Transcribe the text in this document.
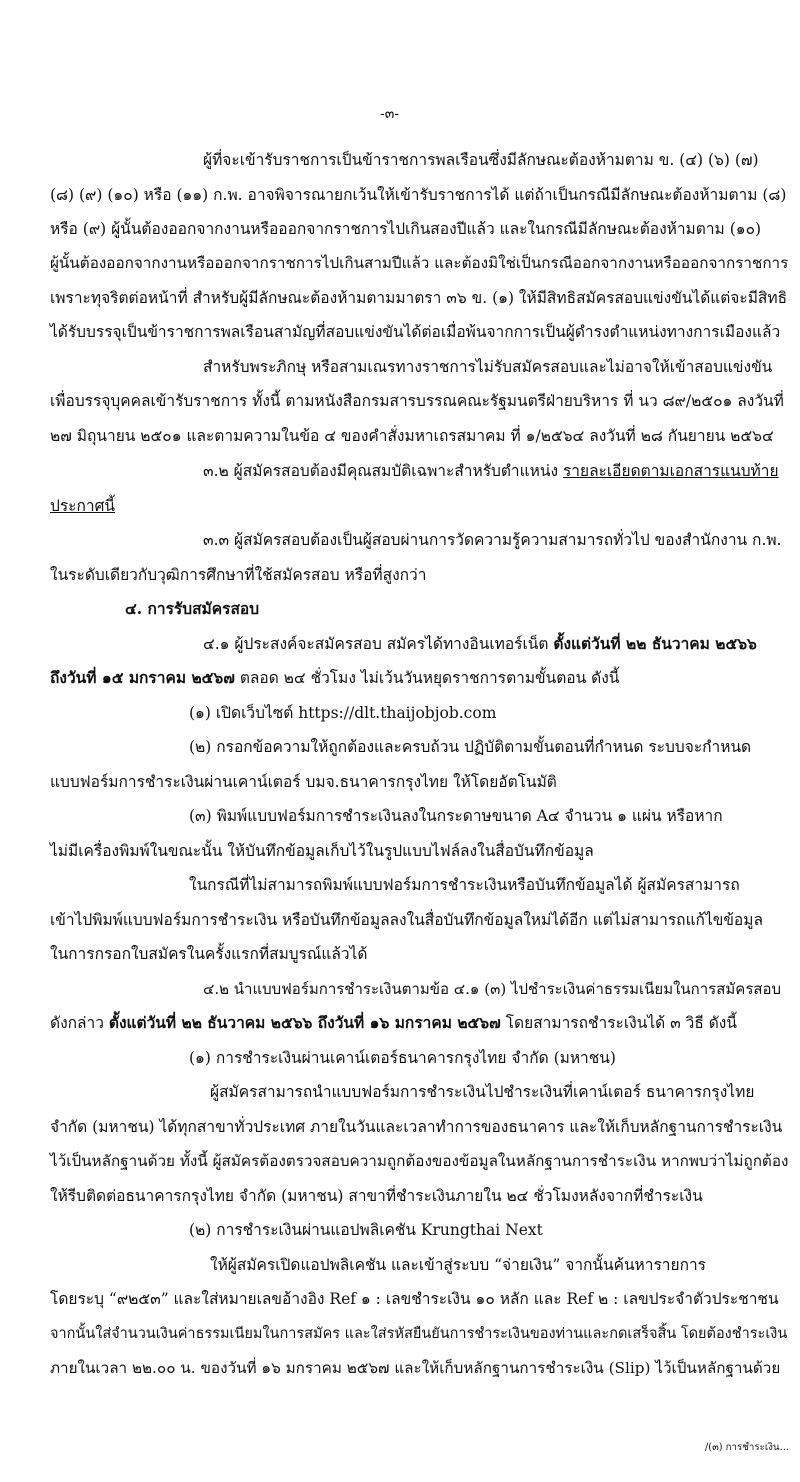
-๓-
ผู้ที่จะเข้ารับราชการเป็นข้าราชการพลเรือนซึ่งมีลักษณะต้องห้ามตาม ข. (๔) (๖) (๗)
(๘) (๙) (๑๐) หรือ (๑๑) ก.พ. อาจพิจารณายกเว้นให้เข้ารับราชการได้ แต่ถ้าเป็นกรณีมีลักษณะต้องห้ามตาม (๘)
หรือ (๙) ผู้นั้นต้องออกจากงานหรือออกจากราชการไปเกินสองปีแล้ว และในกรณีมีลักษณะต้องห้ามตาม (๑๐)
ผู้นั้นต้องออกจากงานหรือออกจากราชการไปเกินสามปีแล้ว และต้องมิใช่เป็นกรณีออกจากงานหรือออกจากราชการ
เพราะทุจริตต่อหน้าที่ สำหรับผู้มีลักษณะต้องห้ามตามมาตรา ๓๖ ข. (๑) ให้มีสิทธิสมัครสอบแข่งขันได้แต่จะมีสิทธิ
ได้รับบรรจุเป็นข้าราชการพลเรือนสามัญที่สอบแข่งขันได้ต่อเมื่อพ้นจากการเป็นผู้ดำรงตำแหน่งทางการเมืองแล้ว
สำหรับพระภิกษุ หรือสามเณรทางราชการไม่รับสมัครสอบและไม่อาจให้เข้าสอบแข่งขัน
เพื่อบรรจุบุคคลเข้ารับราชการ ทั้งนี้ ตามหนังสือกรมสารบรรณคณะรัฐมนตรีฝ่ายบริหาร ที่ นว ๘๙/๒๕๐๑ ลงวันที่
๒๗ มิถุนายน ๒๕๐๑ และตามความในข้อ ๔ ของคำสั่งมหาเถรสมาคม ที่ ๑/๒๕๖๔ ลงวันที่ ๒๘ กันยายน ๒๕๖๔
๓.๒ ผู้สมัครสอบต้องมีคุณสมบัติเฉพาะสำหรับตำแหน่ง รายละเอียดตามเอกสารแนบท้าย
ประกาศนี้
๓.๓ ผู้สมัครสอบต้องเป็นผู้สอบผ่านการวัดความรู้ความสามารถทั่วไป ของสำนักงาน ก.พ.
ในระดับเดียวกับวุฒิการศึกษาที่ใช้สมัครสอบ หรือที่สูงกว่า
๔. การรับสมัครสอบ
๔.๑ ผู้ประสงค์จะสมัครสอบ สมัครได้ทางอินเทอร์เน็ต ตั้งแต่วันที่ ๒๒ ธันวาคม ๒๕๖๖
ถึงวันที่ ๑๕ มกราคม ๒๕๖๗ ตลอด ๒๔ ชั่วโมง ไม่เว้นวันหยุดราชการตามขั้นตอน ดังนี้
(๑) เปิดเว็บไซต์ https://dlt.thaijobjob.com
(๒) กรอกข้อความให้ถูกต้องและครบถ้วน ปฏิบัติตามขั้นตอนที่กำหนด ระบบจะกำหนด
แบบฟอร์มการชำระเงินผ่านเคาน์เตอร์ บมจ.ธนาคารกรุงไทย ให้โดยอัตโนมัติ
(๓) พิมพ์แบบฟอร์มการชำระเงินลงในกระดาษขนาด A๔ จำนวน ๑ แผ่น หรือหาก
ไม่มีเครื่องพิมพ์ในขณะนั้น ให้บันทึกข้อมูลเก็บไว้ในรูปแบบไฟล์ลงในสื่อบันทึกข้อมูล
ในกรณีที่ไม่สามารถพิมพ์แบบฟอร์มการชำระเงินหรือบันทึกข้อมูลได้ ผู้สมัครสามารถ
เข้าไปพิมพ์แบบฟอร์มการชำระเงิน หรือบันทึกข้อมูลลงในสื่อบันทึกข้อมูลใหม่ได้อีก แต่ไม่สามารถแก้ไขข้อมูล
ในการกรอกใบสมัครในครั้งแรกที่สมบูรณ์แล้วได้
๔.๒ นำแบบฟอร์มการชำระเงินตามข้อ ๔.๑ (๓) ไปชำระเงินค่าธรรมเนียมในการสมัครสอบ
ดังกล่าว ตั้งแต่วันที่ ๒๒ ธันวาคม ๒๕๖๖ ถึงวันที่ ๑๖ มกราคม ๒๕๖๗ โดยสามารถชำระเงินได้ ๓ วิธี ดังนี้
(๑) การชำระเงินผ่านเคาน์เตอร์ธนาคารกรุงไทย จำกัด (มหาชน)
ผู้สมัครสามารถนำแบบฟอร์มการชำระเงินไปชำระเงินที่เคาน์เตอร์ ธนาคารกรุงไทย
จำกัด (มหาชน) ได้ทุกสาขาทั่วประเทศ ภายในวันและเวลาทำการของธนาคาร และให้เก็บหลักฐานการชำระเงิน
ไว้เป็นหลักฐานด้วย ทั้งนี้ ผู้สมัครต้องตรวจสอบความถูกต้องของข้อมูลในหลักฐานการชำระเงิน หากพบว่าไม่ถูกต้อง
ให้รีบติดต่อธนาคารกรุงไทย จำกัด (มหาชน) สาขาที่ชำระเงินภายใน ๒๔ ชั่วโมงหลังจากที่ชำระเงิน
(๒) การชำระเงินผ่านแอปพลิเคชัน Krungthai Next
ให้ผู้สมัครเปิดแอปพลิเคชัน และเข้าสู่ระบบ “จ่ายเงิน” จากนั้นค้นหารายการ
โดยระบุ “๙๒๕๓” และใส่หมายเลขอ้างอิง Ref ๑ : เลขชำระเงิน ๑๐ หลัก และ Ref ๒ : เลขประจำตัวประชาชน
จากนั้นใส่จำนวนเงินค่าธรรมเนียมในการสมัคร และใส่รหัสยืนยันการชำระเงินของท่านและกดเสร็จสิ้น โดยต้องชำระเงิน
ภายในเวลา ๒๒.๐๐ น. ของวันที่ ๑๖ มกราคม ๒๕๖๗ และให้เก็บหลักฐานการชำระเงิน (Slip) ไว้เป็นหลักฐานด้วย
/(๓) การชำระเงิน...
